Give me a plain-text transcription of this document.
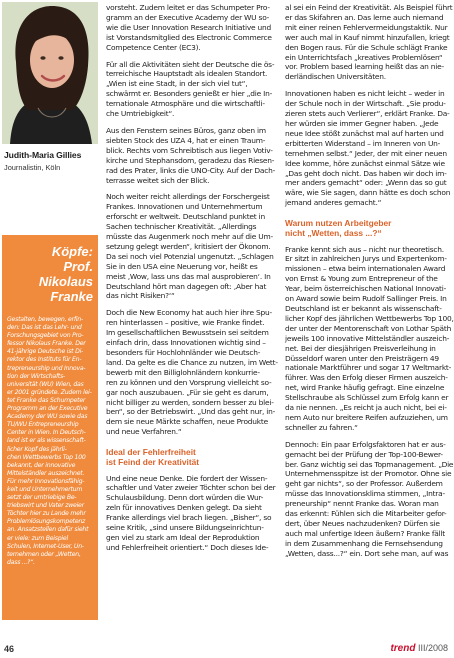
Judith-Maria Gillies
Journalistin, Köln
Köpfe:
Prof. Nikolaus
Franke
Gestalten, bewegen, erfin-
den: Das ist das Lehr- und
Forschungsgebiet von Pro-
fessor Nikolaus Franke. Der
41-jährige Deutsche ist Di-
rektor des Instituts für En-
trepreneurship und Innova-
tion der Wirtschafts-
universität (WU) Wien, das
er 2001 gründete. Zudem lei-
tet Franke das Schumpeter
Programm an der Executive
Academy der WU sowie das
TU/WU Entrepreneurship
Center in Wien. In Deutsch-
land ist er als wissenschaft-
licher Kopf des jährli-
chen Wettbewerbs Top 100
bekannt, der innovative
Mittelständler auszeichnet.
Für mehr Innovationsfähig-
keit und Unternehmertum
setzt der umtriebige Be-
triebswirt und Vater zweier
Töchter hier zu Lande mehr
Problemlösungskompetenz
an. Ansatzstellen dafür sieht
er viele: zum Beispiel
Schulen, Internet-User, Un-
ternehmen oder „Wetten,
dass ...?“.

vorsteht. Zudem leitet er das Schumpeter Pro-
gramm an der Executive Academy der WU so-
wie die User Innovation Research Initiative und
ist Vorstandsmitglied des Electronic Commerce
Competence Center (EC3).

Für all die Aktivitäten sieht der Deutsche die ös-
terreichische Hauptstadt als idealen Standort.
„Wien ist eine Stadt, in der sich viel tut“,
schwärmt er. Besonders genießt er hier „die In-
ternationale Atmosphäre und die wirtschaftli-
che Umtriebigkeit“.

Aus den Fenstern seines Büros, ganz oben im
siebten Stock des UZA 4, hat er einen Traum-
blick. Rechts vom Schreibtisch aus liegen Votiv-
kirche und Stephansdom, geradezu das Riesen-
rad des Prater, links die UNO-City. Auf der Dach-
terrasse weitet sich der Blick.

Noch weiter reicht allerdings der Forschergeist
Frankes. Innovationen und Unternehmertum
erforscht er weltweit. Deutschland punktet in
Sachen technischer Kreativität. „Allerdings
müsste das Augenmerk noch mehr auf die Um-
setzung gelegt werden“, kritisiert der Ökonom.
Da sei noch viel Potenzial ungenutzt. „Schlagen
Sie in den USA eine Neuerung vor, heißt es
meist ‚Wow, lass uns das mal ausprobieren‘. In
Deutschland hört man dagegen oft: ‚Aber hat
das nicht Risiken?‘“

Doch die New Economy hat auch hier ihre Spu-
ren hinterlassen – positive, wie Franke findet.
Im gesellschaftlichen Bewusstsein sei seitdem
einfach drin, dass Innovationen wichtig sind –
besonders für Hochlohnländer wie Deutsch-
land. Da gelte es die Chance zu nutzen, im Wett-
bewerb mit den Billiglohnländern konkurrie-
ren zu können und den Vorsprung vielleicht so-
gar noch auszubauen. „Für sie geht es darum,
nicht billiger zu werden, sondern besser zu blei-
ben“, so der Betriebswirt. „Und das geht nur, in-
dem sie neue Märkte schaffen, neue Produkte
und neue Verfahren.“

Ideal der Fehlerfreiheit
ist Feind der Kreativität

Und eine neue Denke. Die fordert der Wissen-
schaftler und Vater zweier Töchter schon bei der
Schulausbildung. Denn dort würden die Wur-
zeln für innovatives Denken gelegt. Da sieht
Franke allerdings viel brach liegen. „Bisher“, so
seine Kritik, „sind unsere Bildungseinrichtun-
gen viel zu stark am Ideal der Reproduktion
und Fehlerfreiheit orientiert.“ Doch dieses Ide-

al sei ein Feind der Kreativität. Als Beispiel führt
er das Skifahren an. Das lerne auch niemand
mit einer reinen Fehlervermeidungstaktik. Nur
wer auch mal in Kauf nimmt hinzufallen, kriegt
den Bogen raus. Für die Schule schlägt Franke
ein Unterrichtsfach „kreatives Problemlösen“
vor. Problem based learning heißt das an nie-
derländischen Universitäten.

Innovationen haben es nicht leicht – weder in
der Schule noch in der Wirtschaft. „Sie produ-
zieren stets auch Verlierer“, erklärt Franke. Da-
her würden sie immer Gegner haben. „Jede
neue Idee stößt zunächst mal auf harten und
erbitterten Widerstand – im Inneren von Un-
ternehmen selbst.“ Jeder, der mit einer neuen
Idee komme, höre zunächst einmal Sätze wie
„Das geht doch nicht. Das haben wir doch im-
mer anders gemacht“ oder: „Wenn das so gut
wäre, wie Sie sagen, dann hätte es doch schon
jemand anderes gemacht.“

Warum nutzen Arbeitgeber
nicht „Wetten, dass ...?“

Franke kennt sich aus – nicht nur theoretisch.
Er sitzt in zahlreichen Jurys und Expertenkom-
missionen – etwa beim internationalen Award
von Ernst & Young zum Entrepreneur of the
Year, beim österreichischen National Innovati-
on Award sowie beim Rudolf Sallinger Preis. In
Deutschland ist er bekannt als wissenschaft-
licher Kopf des jährlichen Wettbewerbs Top 100,
der unter der Mentorenschaft von Lothar Späth
jeweils 100 innovative Mittelständler auszeich-
net. Bei der diesjährigen Preisverleihung in
Düsseldorf waren unter den Preisträgern 49
nationale Marktführer und sogar 17 Weltmarkt-
führer. Was den Erfolg dieser Firmen auszeich-
net, wird Franke häufig gefragt. Eine einzelne
Stellschraube als Schlüssel zum Erfolg kann er
da nie nennen. „Es reicht ja auch nicht, bei ei-
nem Auto nur breitere Reifen aufzuziehen, um
schneller zu fahren.“

Dennoch: Ein paar Erfolgsfaktoren hat er aus-
gemacht bei der Prüfung der Top-100-Bewer-
ber. Ganz wichtig sei das Topmanagement. „Die
Unternehmensspitze ist der Promotor. Ohne sie
geht gar nichts“, so der Professor. Außerdem
müsse das Innovationsklima stimmen, „Intra-
preneurship“ nennt Franke das. Woran man
das erkennt: Fühlen sich die Mitarbeiter gefor-
dert, über Neues nachzudenken? Dürfen sie
auch mal unfertige Ideen äußern? Franke fällt
in dem Zusammenhang die Fernsehsendung
„Wetten, dass...?“ ein. Dort sehe man, auf was

46	trend III/2008
